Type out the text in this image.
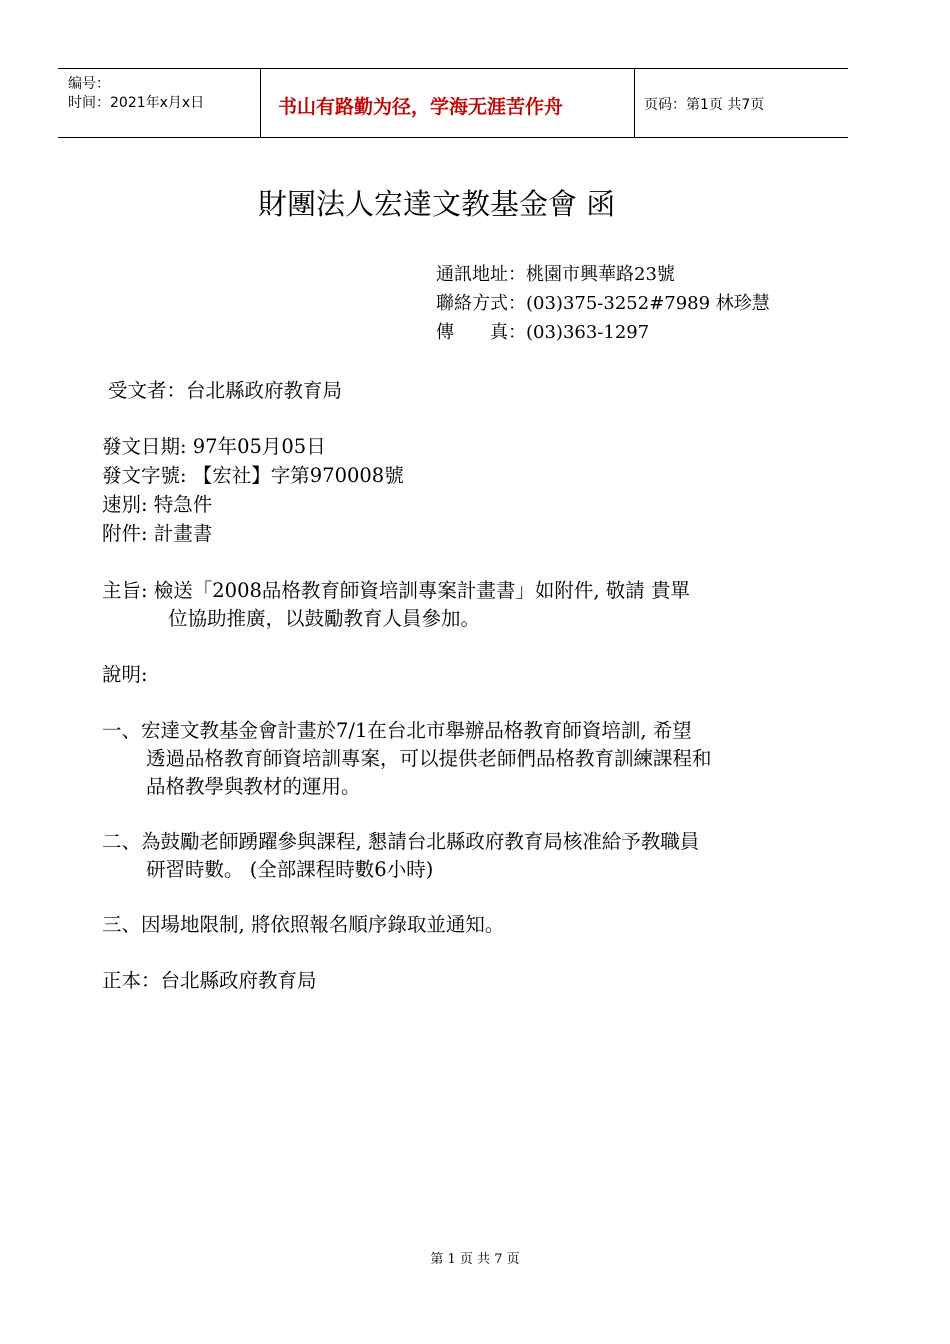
编号：
时间：2021年x月x日	书山有路勤为径，学海无涯苦作舟	页码：第1页 共7页
財團法人宏達文教基金會 函
通訊地址：桃園市興華路23號
聯絡方式：(03)375-3252#7989 林珍慧
傳　　真：(03)363-1297
受文者：台北縣政府教育局
發文日期: 97年05月05日
發文字號: 【宏社】字第970008號
速別: 特急件
附件: 計畫書
主旨: 檢送「2008品格教育師資培訓專案計畫書」如附件, 敬請 貴單
位協助推廣，以鼓勵教育人員參加。
說明:
一、宏達文教基金會計畫於7/1在台北市舉辦品格教育師資培訓, 希望
透過品格教育師資培訓專案，可以提供老師們品格教育訓練課程和
品格教學與教材的運用。
二、為鼓勵老師踴躍參與課程, 懇請台北縣政府教育局核准給予教職員
研習時數。 (全部課程時數6小時)
三、因場地限制, 將依照報名順序錄取並通知。
正本：台北縣政府教育局
第 1 页 共 7 页
